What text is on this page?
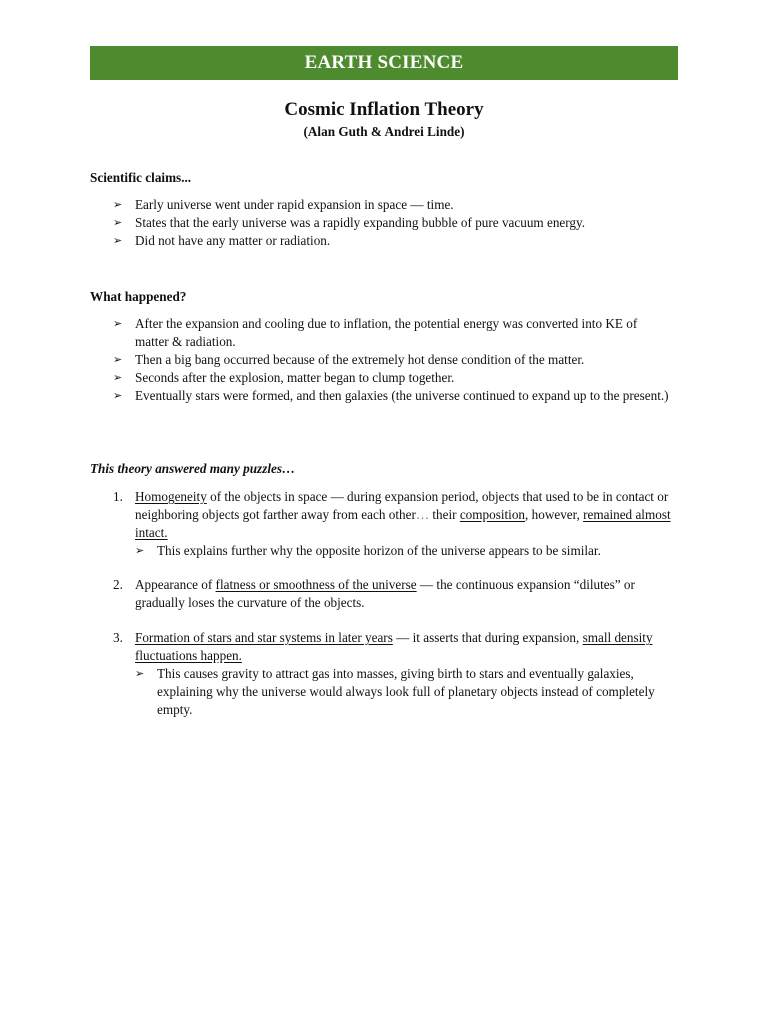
EARTH SCIENCE
Cosmic Inflation Theory
(Alan Guth & Andrei Linde)
Scientific claims...
➢ Early universe went under rapid expansion in space — time.
➢ States that the early universe was a rapidly expanding bubble of pure vacuum energy.
➢ Did not have any matter or radiation.
What happened?
➢ After the expansion and cooling due to inflation, the potential energy was converted into KE of matter & radiation.
➢ Then a big bang occurred because of the extremely hot dense condition of the matter.
➢ Seconds after the explosion, matter began to clump together.
➢ Eventually stars were formed, and then galaxies (the universe continued to expand up to the present.)
This theory answered many puzzles…
1. Homogeneity of the objects in space — during expansion period, objects that used to be in contact or neighboring objects got farther away from each other… their composition, however, remained almost intact.
➢ This explains further why the opposite horizon of the universe appears to be similar.
2. Appearance of flatness or smoothness of the universe — the continuous expansion “dilutes” or gradually loses the curvature of the objects.
3. Formation of stars and star systems in later years — it asserts that during expansion, small density fluctuations happen.
➢ This causes gravity to attract gas into masses, giving birth to stars and eventually galaxies, explaining why the universe would always look full of planetary objects instead of completely empty.
